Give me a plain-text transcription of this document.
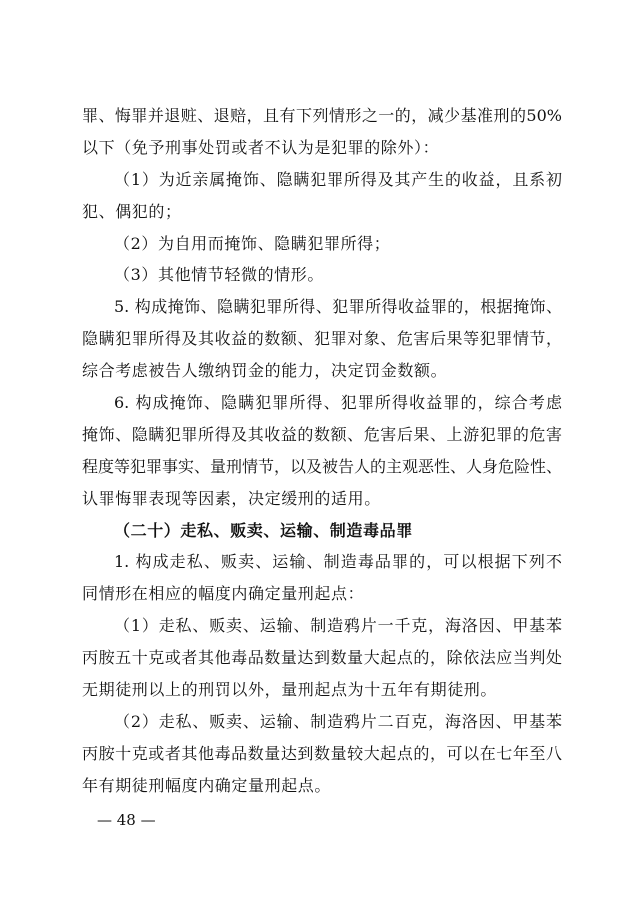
罪、悔罪并退赃、退赔，且有下列情形之一的，减少基准刑的50%
以下（免予刑事处罚或者不认为是犯罪的除外）：
（1）为近亲属掩饰、隐瞒犯罪所得及其产生的收益，且系初
犯、偶犯的；
（2）为自用而掩饰、隐瞒犯罪所得；
（3）其他情节轻微的情形。
5. 构成掩饰、隐瞒犯罪所得、犯罪所得收益罪的，根据掩饰、
隐瞒犯罪所得及其收益的数额、犯罪对象、危害后果等犯罪情节，
综合考虑被告人缴纳罚金的能力，决定罚金数额。
6. 构成掩饰、隐瞒犯罪所得、犯罪所得收益罪的，综合考虑
掩饰、隐瞒犯罪所得及其收益的数额、危害后果、上游犯罪的危害
程度等犯罪事实、量刑情节，以及被告人的主观恶性、人身危险性、
认罪悔罪表现等因素，决定缓刑的适用。
（二十）走私、贩卖、运输、制造毒品罪
1. 构成走私、贩卖、运输、制造毒品罪的，可以根据下列不
同情形在相应的幅度内确定量刑起点：
（1）走私、贩卖、运输、制造鸦片一千克，海洛因、甲基苯
丙胺五十克或者其他毒品数量达到数量大起点的，除依法应当判处
无期徒刑以上的刑罚以外，量刑起点为十五年有期徒刑。
（2）走私、贩卖、运输、制造鸦片二百克，海洛因、甲基苯
丙胺十克或者其他毒品数量达到数量较大起点的，可以在七年至八
年有期徒刑幅度内确定量刑起点。
— 48 —
